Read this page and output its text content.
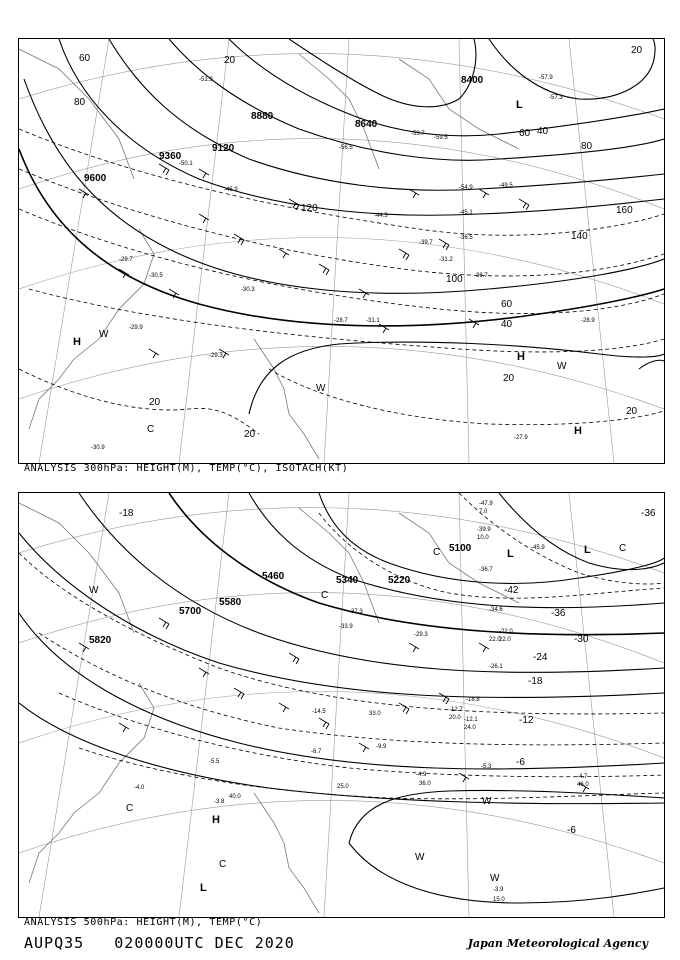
8880
9120
9360
9600
8640
8400
20
60
80
120
140
160
100
60
40
20
20
20
20
80
20
60 40
H
H
H
L
W
W
W
C
-57.9
-57.3
-59.5
-56.5
-54.9	-49.5
-44.3
-39.7
-36.5
-31.2
-30.5
-29.7
-28.7	-31.1
-30.3
-29.3
-29.9
-27.9
-30.9
-28.9
-45.1
-51.9
-53.7
-46.9
-50.1
-36.7
ANALYSIS 300hPa: HEIGHT(M), TEMP(°C), ISOTACH(KT)
5460	5340	5220
5100
5700
5580
5820
-18	-36
-42
-36
-30
-24
-18
-12
-6
-6
L	L
L
H
C
C
C
C
C
W
W
W
W
-36.7
-34.6
-29.3	-22.0
-26.1
-18.8
-12.7
-12.1
-14.5
-9.9
-8.7
-5.5
-4.9
-5.3
-3.8
-4.0
-3.9
-4.7
-47.9
-39.9
-45.9
-37.3
-33.9
7.0
10.0
22.0
25.0
33.0
36.0
40.0
15.0
46.0
24.0
20.0
22.0
ANALYSIS 500hPa: HEIGHT(M), TEMP(°C)
AUPQ35 020000UTC DEC 2020	Japan Meteorological Agency
